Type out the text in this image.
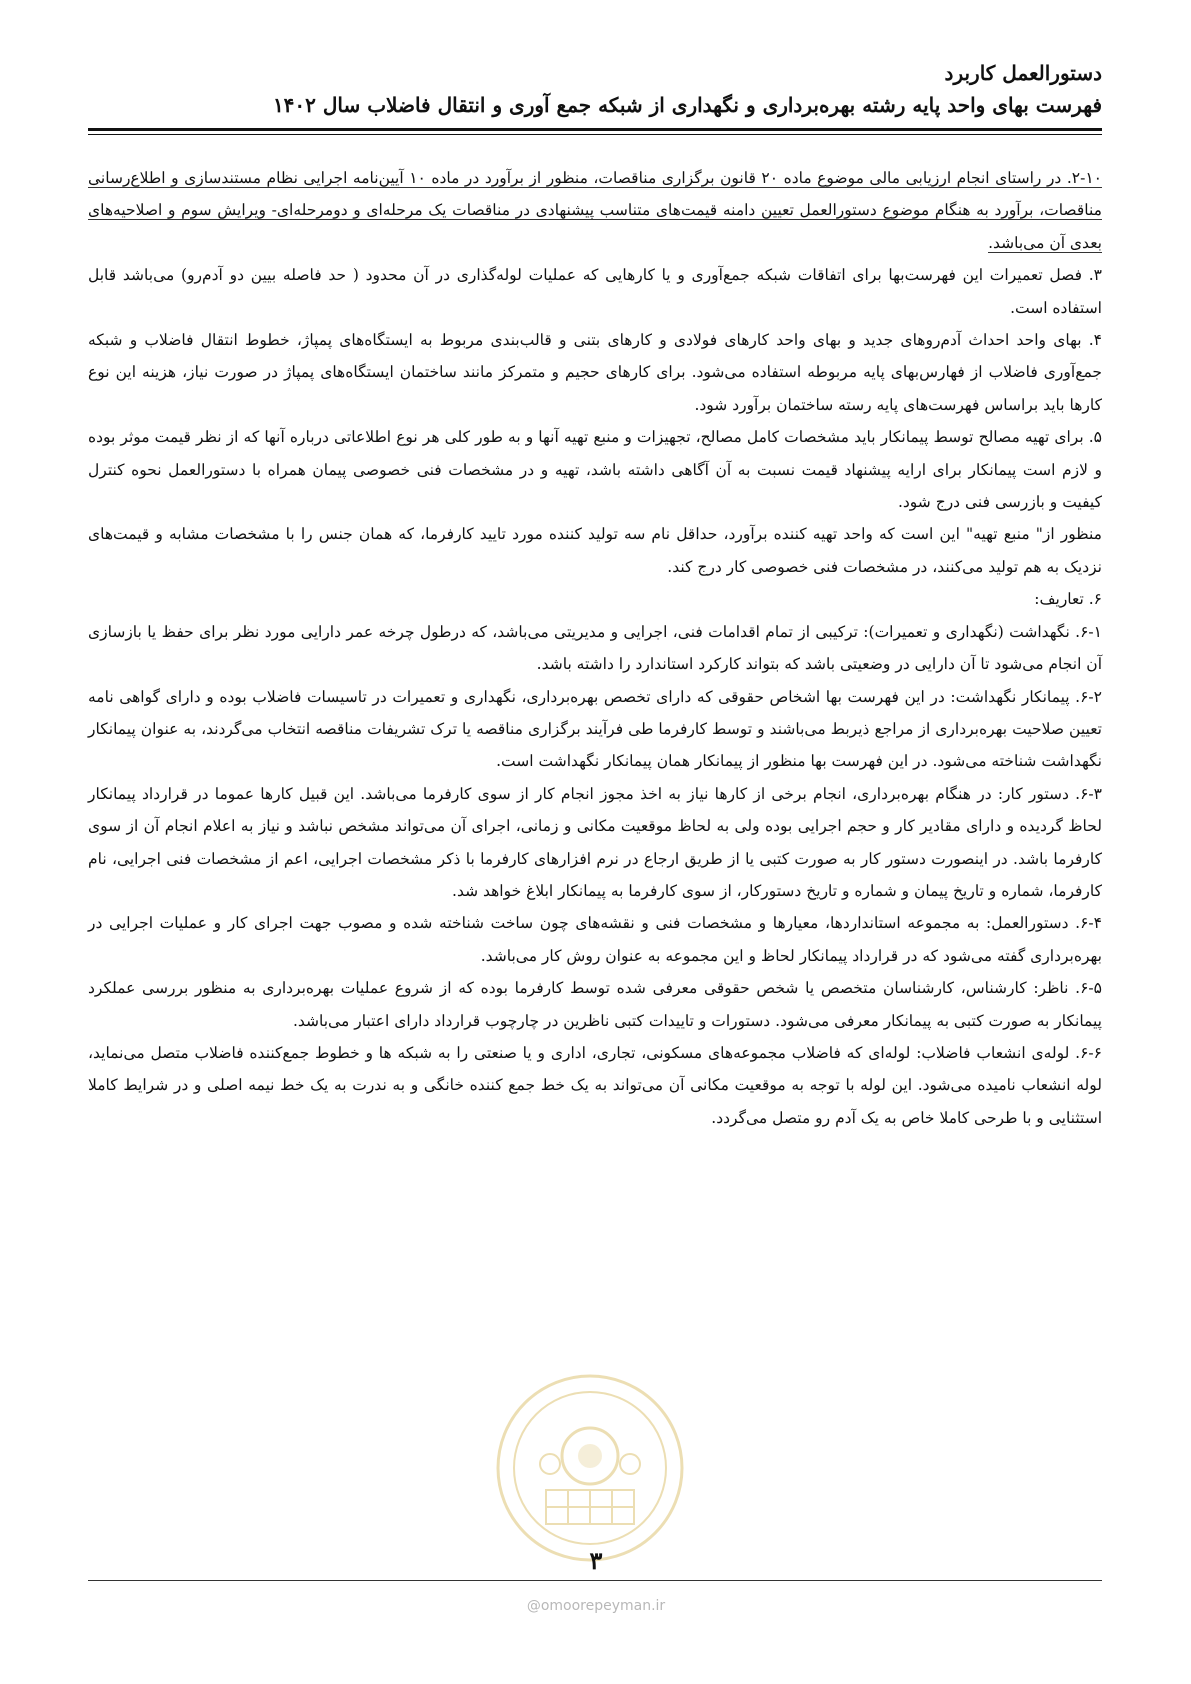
دستورالعمل کاربرد
فهرست بهای واحد پایه رشته بهره‌برداری و نگهداری از شبکه جمع آوری و انتقال فاضلاب سال ۱۴۰۲

۲-۱۰. در راستای انجام ارزیابی مالی موضوع ماده ۲۰ قانون برگزاری مناقصات، منظور از برآورد در ماده ۱۰ آیین‌نامه اجرایی نظام مستندسازی و اطلاع‌رسانی مناقصات، برآورد به هنگام موضوع دستورالعمل تعیین دامنه قیمت‌های متناسب پیشنهادی در مناقصات یک مرحله‌ای و دومرحله‌ای- ویرایش سوم و اصلاحیه‌های بعدی آن می‌باشد.

۳. فصل تعمیرات این فهرست‌بها برای اتفاقات شبکه جمع‌آوری و یا کارهایی که عملیات لوله‌گذاری در آن محدود ( حد فاصله بیین دو آدم‌رو) می‌باشد قابل استفاده است.

۴. بهای واحد احداث آدم‌روهای جدید و بهای واحد کارهای فولادی و کارهای بتنی و قالب‌بندی مربوط به ایستگاه‌های پمپاژ، خطوط انتقال فاضلاب و شبکه جمع‌آوری فاضلاب از فهارس‌بهای پایه مربوطه استفاده می‌شود. برای کارهای حجیم و متمرکز مانند ساختمان ایستگاه‌های پمپاژ در صورت نیاز، هزینه این نوع کارها باید براساس فهرست‌های پایه رسته ساختمان برآورد شود.

۵. برای تهیه مصالح توسط پیمانکار باید مشخصات کامل مصالح، تجهیزات و منبع تهیه آنها و به طور کلی هر نوع اطلاعاتی درباره آنها که از نظر قیمت موثر بوده و لازم است پیمانکار برای ارایه پیشنهاد قیمت نسبت به آن آگاهی داشته باشد، تهیه و در مشخصات فنی خصوصی پیمان همراه با دستورالعمل نحوه کنترل کیفیت و بازرسی فنی درج شود.

منظور از" منبع تهیه" این است که واحد تهیه کننده برآورد، حداقل نام سه تولید کننده مورد تایید کارفرما، که همان جنس را با مشخصات مشابه و قیمت‌های نزدیک به هم تولید می‌کنند، در مشخصات فنی خصوصی کار درج کند.

۶. تعاریف:

۶-۱. نگهداشت (نگهداری و تعمیرات): ترکیبی از تمام اقدامات فنی، اجرایی و مدیریتی می‌باشد، که درطول چرخه عمر دارایی مورد نظر برای حفظ یا بازسازی آن انجام می‌شود تا آن دارایی در وضعیتی باشد که بتواند کارکرد استاندارد را داشته باشد.

۶-۲. پیمانکار نگهداشت: در این فهرست بها اشخاص حقوقی که دارای تخصص بهره‌برداری، نگهداری و تعمیرات در تاسیسات فاضلاب بوده و دارای گواهی نامه تعیین صلاحیت بهره‌برداری از مراجع ذیربط می‌باشند و توسط کارفرما طی فرآیند برگزاری مناقصه یا ترک تشریفات مناقصه انتخاب می‌گردند، به عنوان پیمانکار نگهداشت شناخته می‌شود. در این فهرست بها منظور از پیمانکار همان پیمانکار نگهداشت است.

۶-۳. دستور کار: در هنگام بهره‌برداری، انجام برخی از کارها نیاز به اخذ مجوز انجام کار از سوی کارفرما می‌باشد. این قبیل کارها عموما در قرارداد پیمانکار لحاظ گردیده و دارای مقادیر کار و حجم اجرایی بوده ولی به لحاظ موقعیت مکانی و زمانی، اجرای آن می‌تواند مشخص نباشد و نیاز به اعلام انجام آن از سوی کارفرما باشد. در اینصورت دستور کار به صورت کتبی یا از طریق ارجاع در نرم افزارهای کارفرما با ذکر مشخصات اجرایی، اعم از مشخصات فنی اجرایی، نام کارفرما، شماره و تاریخ پیمان و شماره و تاریخ دستورکار، از سوی کارفرما به پیمانکار ابلاغ خواهد شد.

۶-۴. دستورالعمل: به مجموعه استانداردها، معیارها و مشخصات فنی و نقشه‌های چون ساخت شناخته شده و مصوب جهت اجرای کار و عملیات اجرایی در بهره‌برداری گفته می‌شود که در قرارداد پیمانکار لحاظ و این مجموعه به عنوان روش کار می‌باشد.

۶-۵. ناظر: کارشناس، کارشناسان متخصص یا شخص حقوقی معرفی شده توسط کارفرما بوده که از شروع عملیات بهره‌برداری به منظور بررسی عملکرد پیمانکار به صورت کتبی به پیمانکار معرفی می‌شود. دستورات و تاییدات کتبی ناظرین در چارچوب قرارداد دارای اعتبار می‌باشد.

۶-۶. لوله‌ی انشعاب فاضلاب: لوله‌ای که فاضلاب مجموعه‌های مسکونی، تجاری، اداری و یا صنعتی را به شبکه ها و خطوط جمع‌کننده فاضلاب متصل می‌نماید، لوله انشعاب نامیده می‌شود. این لوله با توجه به موقعیت مکانی آن می‌تواند به یک خط جمع کننده خانگی و به ندرت به یک خط نیمه اصلی و در شرایط کاملا استثنایی و با طرحی کاملا خاص به یک آدم رو متصل می‌گردد.

۳
@omoorepeyman.ir
